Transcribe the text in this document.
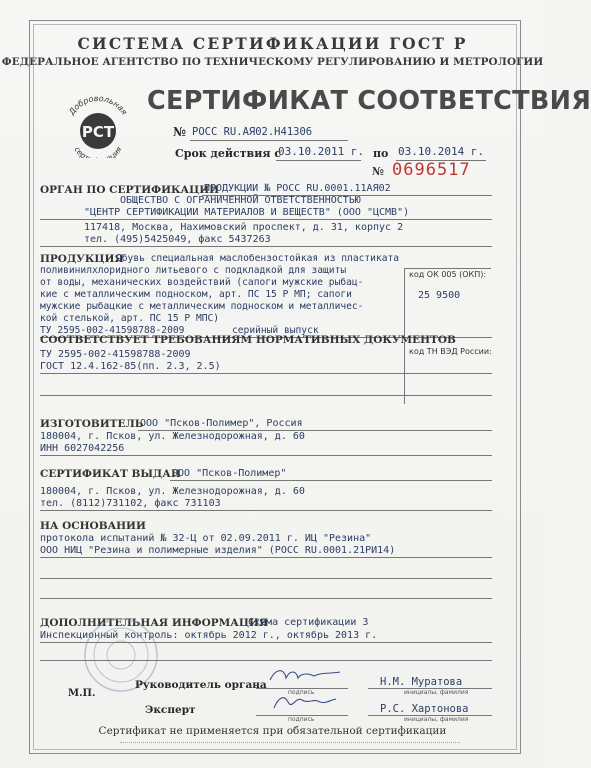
СИСТЕМА СЕРТИФИКАЦИИ ГОСТ Р
ФЕДЕРАЛЬНОЕ АГЕНТСТВО ПО ТЕХНИЧЕСКОМУ РЕГУЛИРОВАНИЮ И МЕТРОЛОГИИ
Добровольная
РСТ
серт ция
СЕРТИФИКАТ СООТВЕТСТВИЯ
№ РОСС RU.АЯ02.Н41306
Срок действия с
03.10.2011 г. по 03.10.2014 г.
№ 0696517
ОРГАН ПО СЕРТИФИКАЦИИ
ПРОДУКЦИИ № РОСС RU.0001.11АЯ02
ОБЩЕСТВО С ОГРАНИЧЕННОЙ ОТВЕТСТВЕННОСТЬЮ
"ЦЕНТР СЕРТИФИКАЦИИ МАТЕРИАЛОВ И ВЕЩЕСТВ" (ООО "ЦСМВ")
117418, Москва, Нахимовский проспект, д. 31, корпус 2
тел. (495)5425049, факс 5437263
ПРОДУКЦИЯ
Обувь специальная маслобензостойкая из пластиката
поливинилхлоридного литьевого с подкладкой для защиты
от воды, механических воздействий (сапоги мужские рыбац-
кие с металлическим подноском, арт. ПС 15 Р МП; сапоги
мужские рыбацкие с металлическим подноском и металличес-
кой стелькой, арт. ПС 15 Р МПС)
ТУ 2595-002-41598788-2009	серийный выпуск
код ОК 005 (ОКП):
25 9500
СООТВЕТСТВУЕТ ТРЕБОВАНИЯМ НОРМАТИВНЫХ ДОКУМЕНТОВ
ТУ 2595-002-41598788-2009
ГОСТ 12.4.162-85(пп. 2.3, 2.5)
код ТН ВЭД России:
ИЗГОТОВИТЕЛЬ
ООО "Псков-Полимер", Россия
180004, г. Псков, ул. Железнодорожная, д. 60
ИНН 6027042256
СЕРТИФИКАТ ВЫДАН
ООО "Псков-Полимер"
180004, г. Псков, ул. Железнодорожная, д. 60
тел. (8112)731102, факс 731103
НА ОСНОВАНИИ
протокола испытаний № 32-Ц от 02.09.2011 г. ИЦ "Резина"
ООО НИЦ "Резина и полимерные изделия" (РОСС RU.0001.21РИ14)
ДОПОЛНИТЕЛЬНАЯ ИНФОРМАЦИЯ
Схема сертификации 3
Инспекционный контроль: октябрь 2012 г., октябрь 2013 г.
М.П.
Руководитель органа
подпись
Н.М. Муратова
инициалы, фамилия
Эксперт
подпись
Р.С. Хартонова
инициалы, фамилия
Сертификат не применяется при обязательной сертификации
